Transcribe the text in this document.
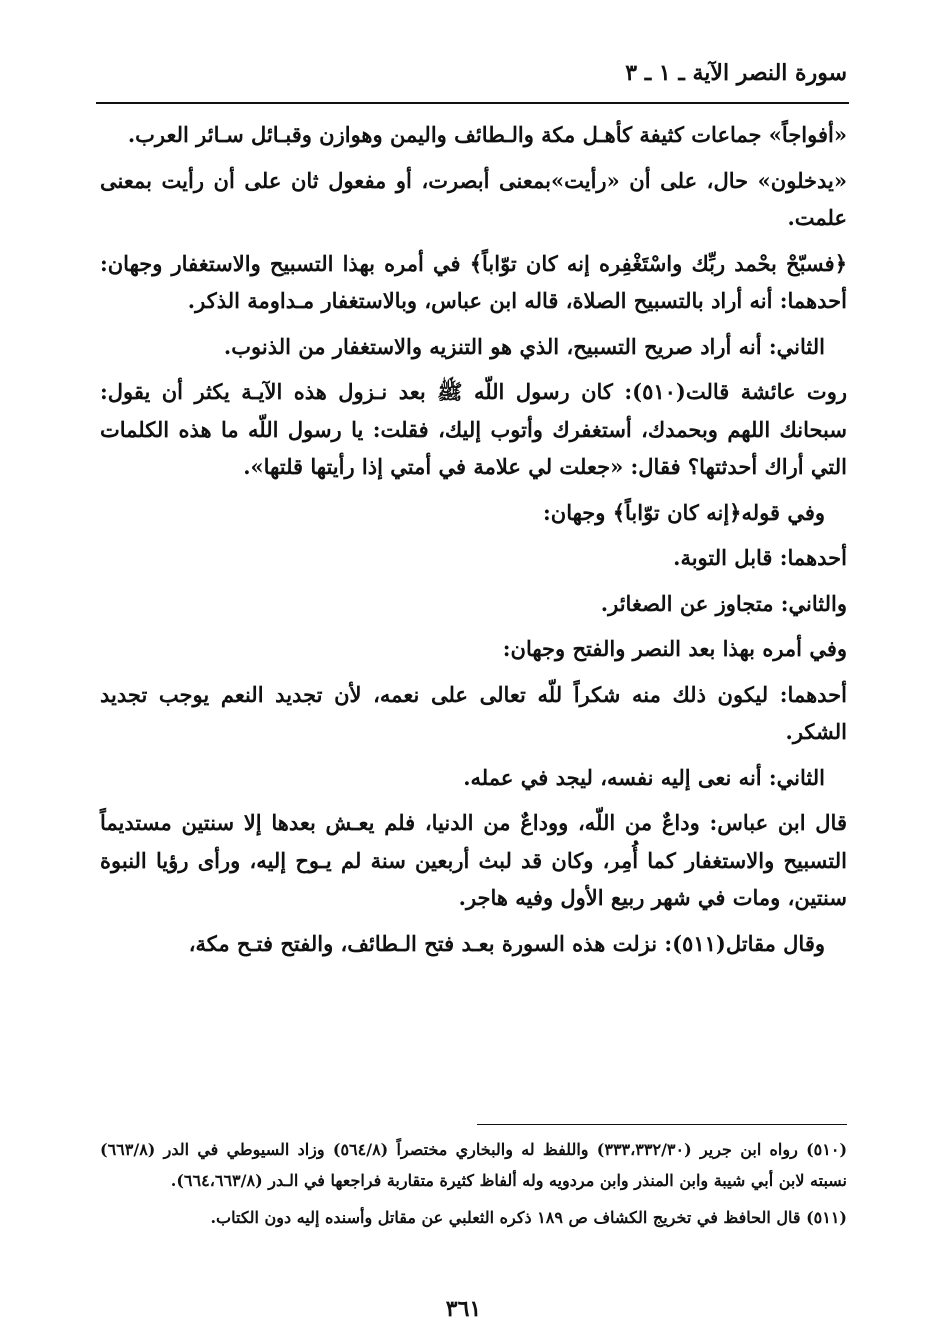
سورة النصر الآية ـ ١ ـ ٣

«أفواجاً» جماعات كثيفة كأهـل مكة والـطائف واليمن وهوازن وقبـائل سـائر العرب.

«يدخلون» حال، على أن «رأيت»بمعنى أبصرت، أو مفعول ثان على أن رأيت بمعنى علمت.

﴿فسبّحْ بحْمد ربِّك واسْتَغْفِره إنه كان توّاباً﴾ في أمره بهذا التسبيح والاستغفار وجهان: أحدهما: أنه أراد بالتسبيح الصلاة، قاله ابن عباس، وبالاستغفار مـداومة الذكر.

الثاني: أنه أراد صريح التسبيح، الذي هو التنزيه والاستغفار من الذنوب.

روت عائشة قالت(٥١٠): كان رسول اللّه ﷺ بعد نـزول هذه الآيـة يكثر أن يقول: سبحانك اللهم وبحمدك، أستغفرك وأتوب إليك، فقلت: يا رسول اللّه ما هذه الكلمات التي أراك أحدثتها؟ فقال: «جعلت لي علامة في أمتي إذا رأيتها قلتها».

وفي قوله﴿إنه كان توّاباً﴾ وجهان:

أحدهما: قابل التوبة.

والثاني: متجاوز عن الصغائر.

وفي أمره بهذا بعد النصر والفتح وجهان:

أحدهما: ليكون ذلك منه شكراً للّه تعالى على نعمه، لأن تجديد النعم يوجب تجديد الشكر.

الثاني: أنه نعى إليه نفسه، ليجد في عمله.

قال ابن عباس: وداعٌ من اللّه، ووداعٌ من الدنيا، فلم يعـش بعدها إلا سنتين مستديماً التسبيح والاستغفار كما أُمِر، وكان قد لبث أربعين سنة لم يـوح إليه، ورأى رؤيا النبوة سنتين، ومات في شهر ربيع الأول وفيه هاجر.

وقال مقاتل(٥١١): نزلت هذه السورة بعـد فتح الـطائف، والفتح فتـح مكة،

(٥١٠) رواه ابن جرير (٣٣٣،٣٣٢/٣٠) واللفظ له والبخاري مختصراً (٥٦٤/٨) وزاد السيوطي في الدر (٦٦٣/٨) نسبته لابن أبي شيبة وابن المنذر وابن مردويه وله ألفاظ كثيرة متقاربة فراجعها في الـدر (٦٦٤،٦٦٣/٨).

(٥١١) قال الحافظ في تخريج الكشاف ص ١٨٩ ذكره الثعلبي عن مقاتل وأسنده إليه دون الكتاب.

٣٦١
